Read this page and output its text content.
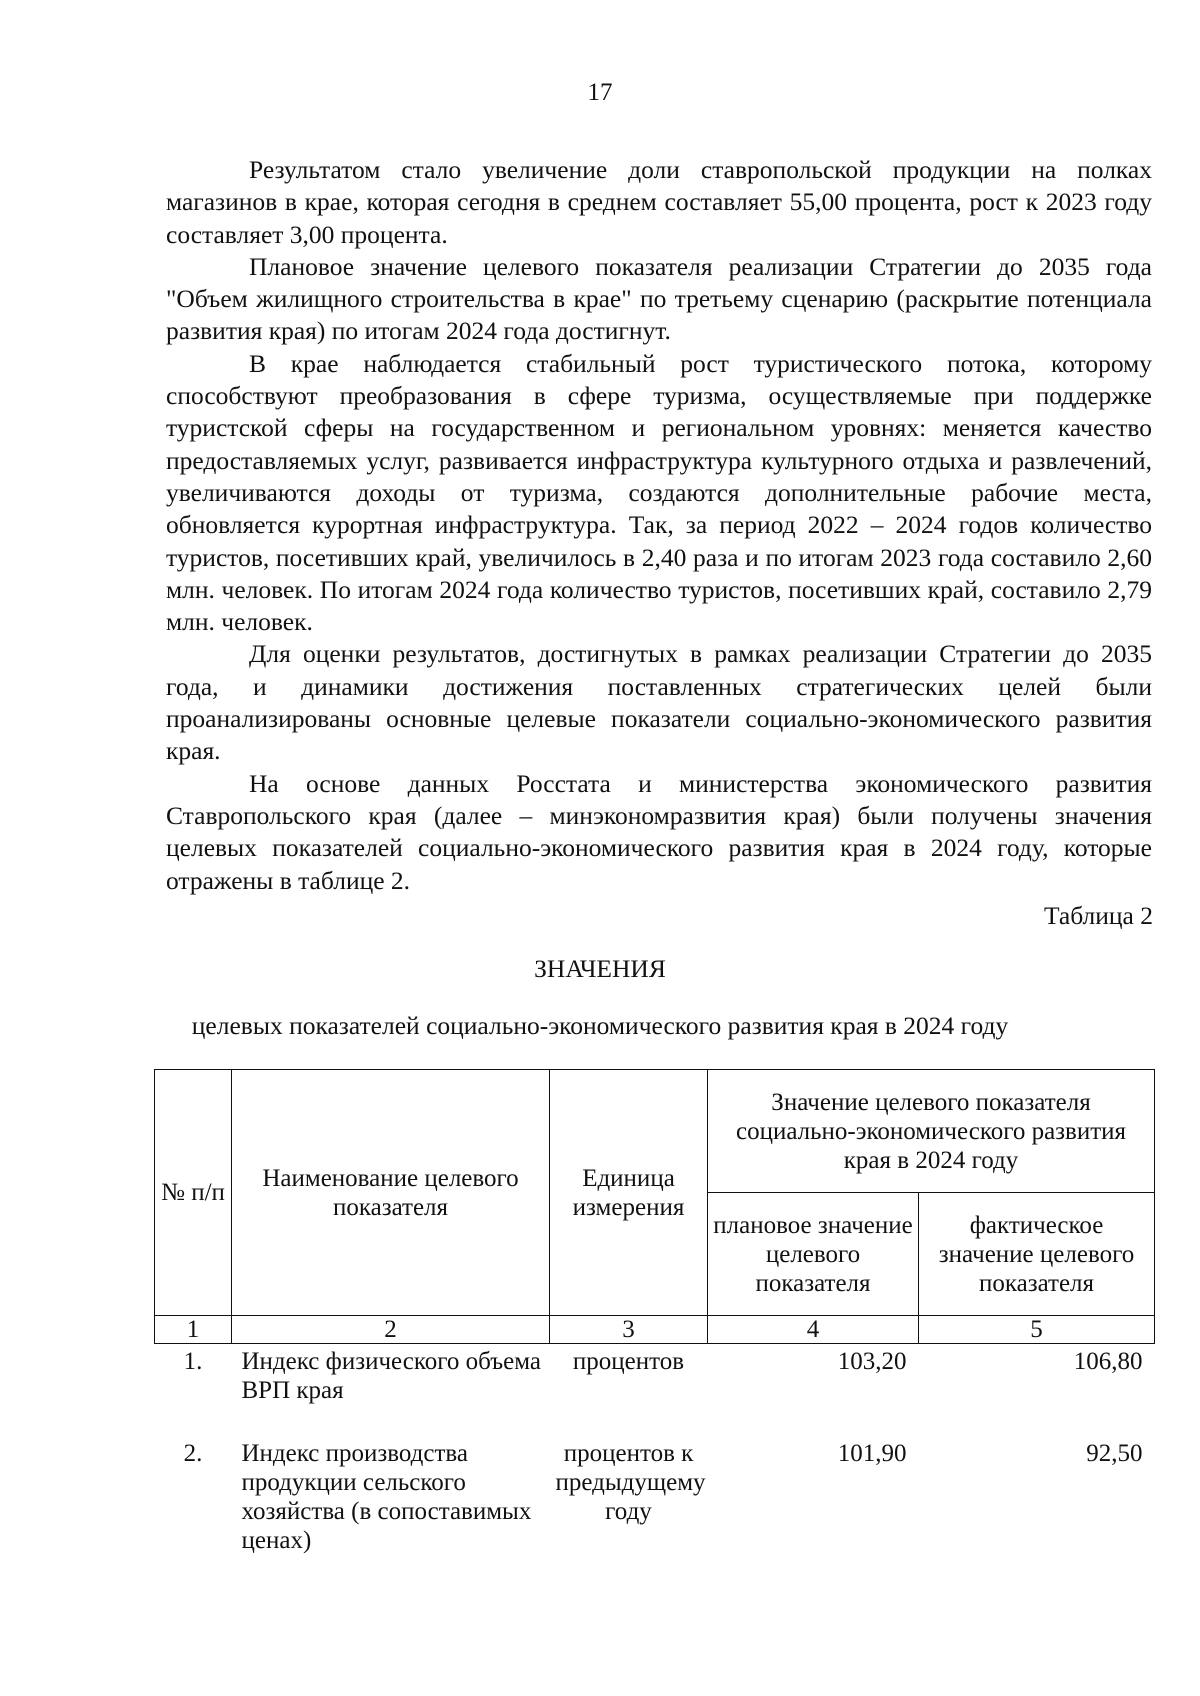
17

Результатом стало увеличение доли ставропольской продукции на полках магазинов в крае, которая сегодня в среднем составляет 55,00 процента, рост к 2023 году составляет 3,00 процента.

Плановое значение целевого показателя реализации Стратегии до 2035 года "Объем жилищного строительства в крае" по третьему сценарию (раскрытие потенциала развития края) по итогам 2024 года достигнут.

В крае наблюдается стабильный рост туристического потока, которому способствуют преобразования в сфере туризма, осуществляемые при поддержке туристской сферы на государственном и региональном уровнях: меняется качество предоставляемых услуг, развивается инфраструктура культурного отдыха и развлечений, увеличиваются доходы от туризма, создаются дополнительные рабочие места, обновляется курортная инфраструктура. Так, за период 2022 – 2024 годов количество туристов, посетивших край, увеличилось в 2,40 раза и по итогам 2023 года составило 2,60 млн. человек. По итогам 2024 года количество туристов, посетивших край, составило 2,79 млн. человек.

Для оценки результатов, достигнутых в рамках реализации Стратегии до 2035 года, и динамики достижения поставленных стратегических целей были проанализированы основные целевые показатели социально-экономического развития края.

На основе данных Росстата и министерства экономического развития Ставропольского края (далее – минэкономразвития края) были получены значения целевых показателей социально-экономического развития края в 2024 году, которые отражены в таблице 2.

Таблица 2
ЗНАЧЕНИЯ
целевых показателей социально-экономического развития края в 2024 году
№ п/п	Наименование целевого показателя	Единица измерения	Значение целевого показателя социально-экономического развития края в 2024 году	
			плановое значение целевого показателя	фактическое значение целевого показателя
1	2	3	4	5
1.	Индекс физического объема ВРП края	процентов	103,20	106,80
2.	Индекс производства продукции сельского хозяйства (в сопоставимых ценах)	процентов к предыдущему году	101,90	92,50
